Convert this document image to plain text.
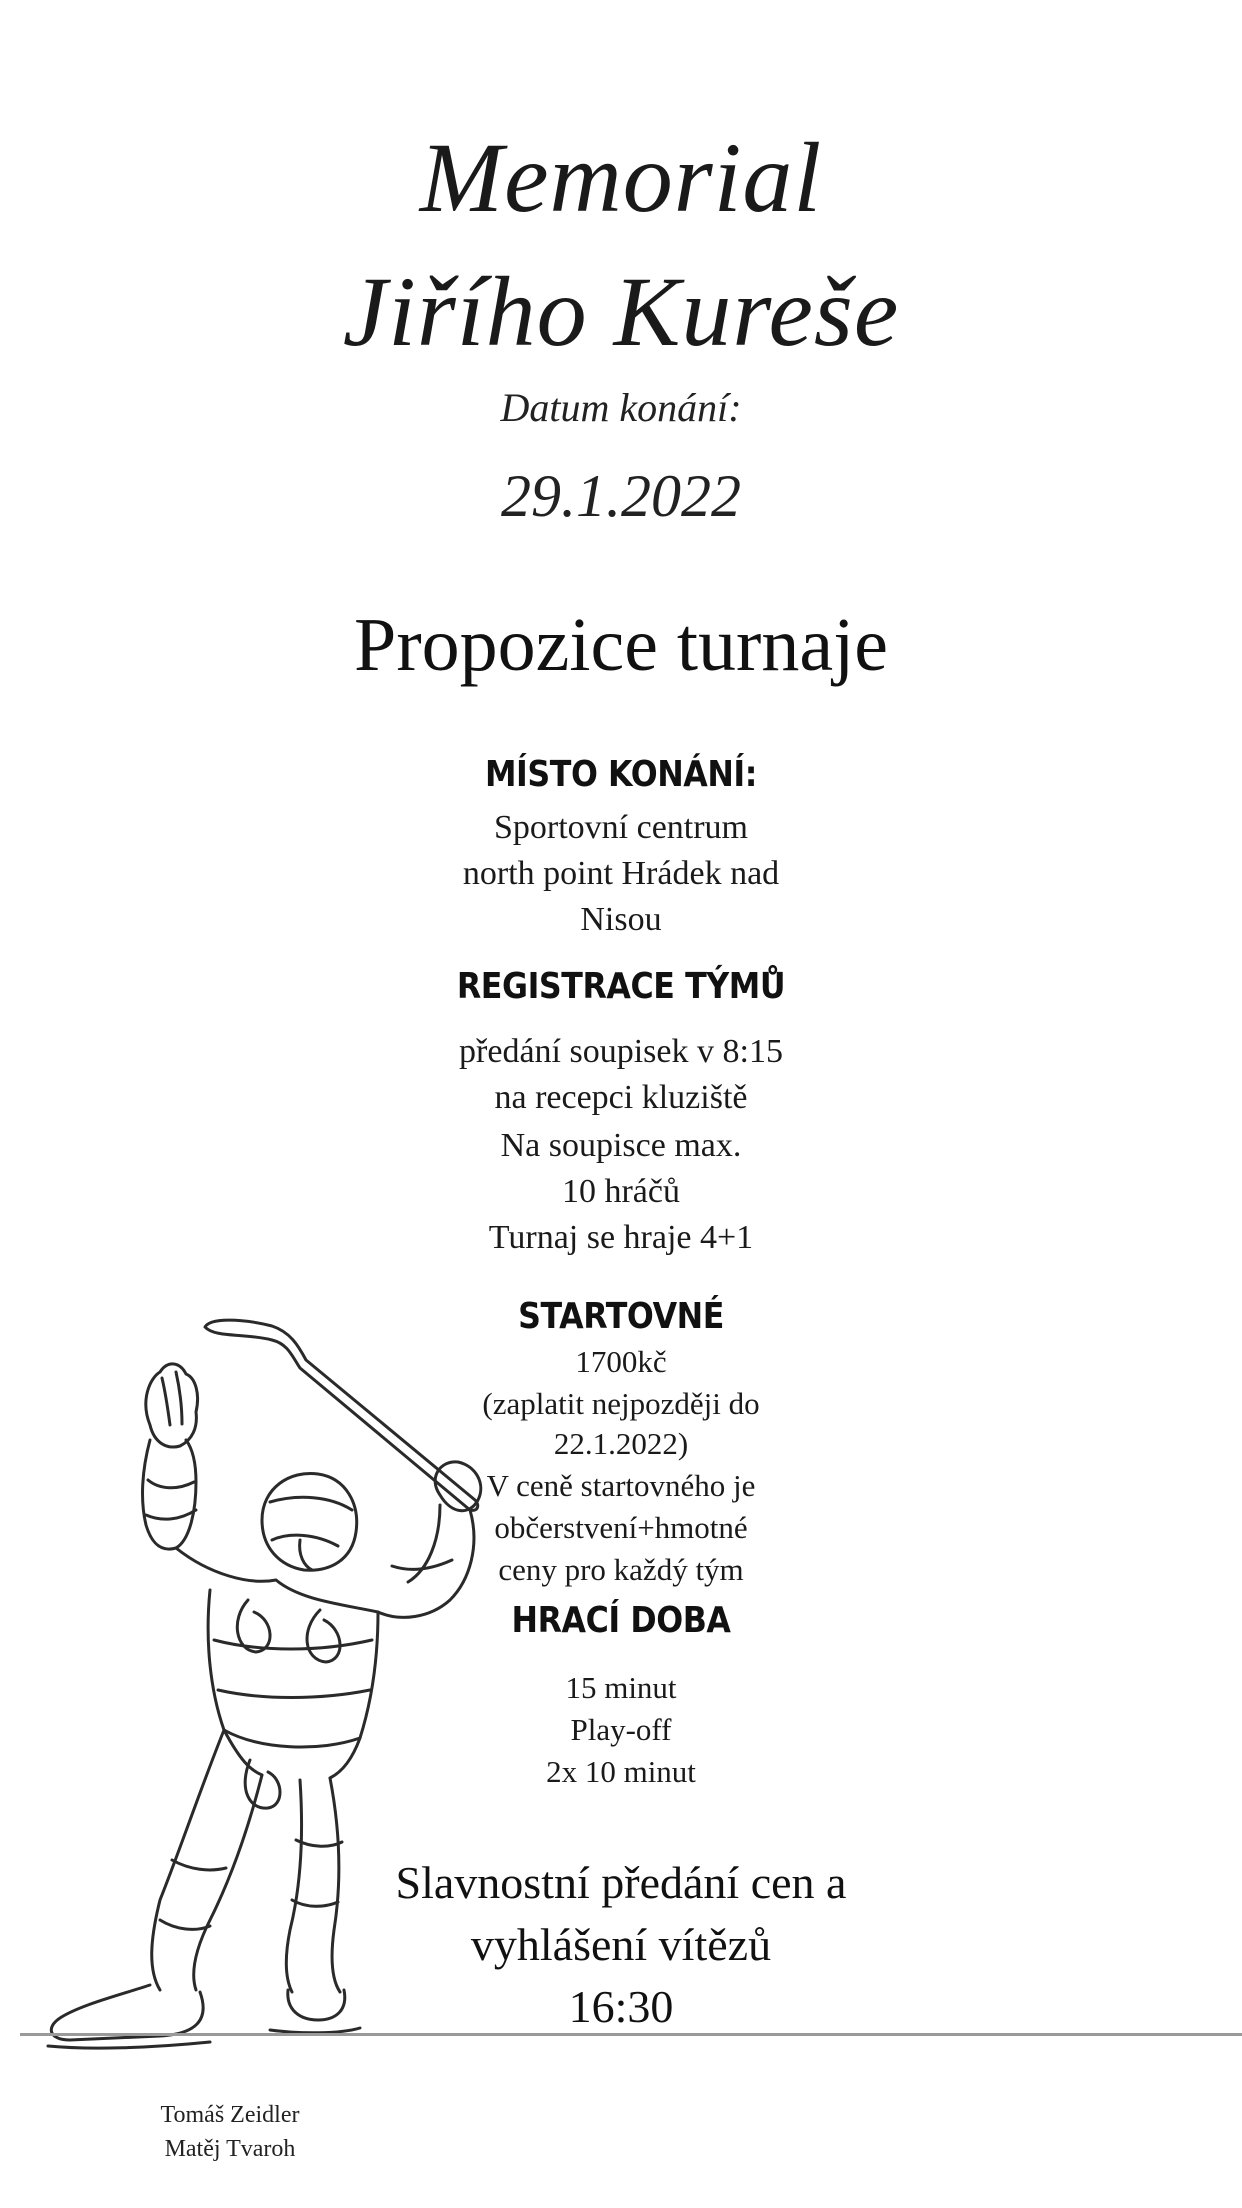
Memorial
Jiřího Kureše
Datum konání:
29.1.2022
Propozice turnaje
MÍSTO KONÁNÍ:
Sportovní centrum
north point Hrádek nad
Nisou
REGISTRACE TÝMŮ
předání soupisek v 8:15
na recepci kluziště
Na soupisce max.
10 hráčů
Turnaj se hraje 4+1
STARTOVNÉ
1700kč
(zaplatit nejpozději do
22.1.2022)
V ceně startovného je
občerstvení+hmotné
ceny pro každý tým
HRACÍ DOBA
15 minut
Play-off
2x 10 minut
Slavnostní předání cen a
vyhlášení vítězů
16:30
Tomáš Zeidler
Matěj Tvaroh
